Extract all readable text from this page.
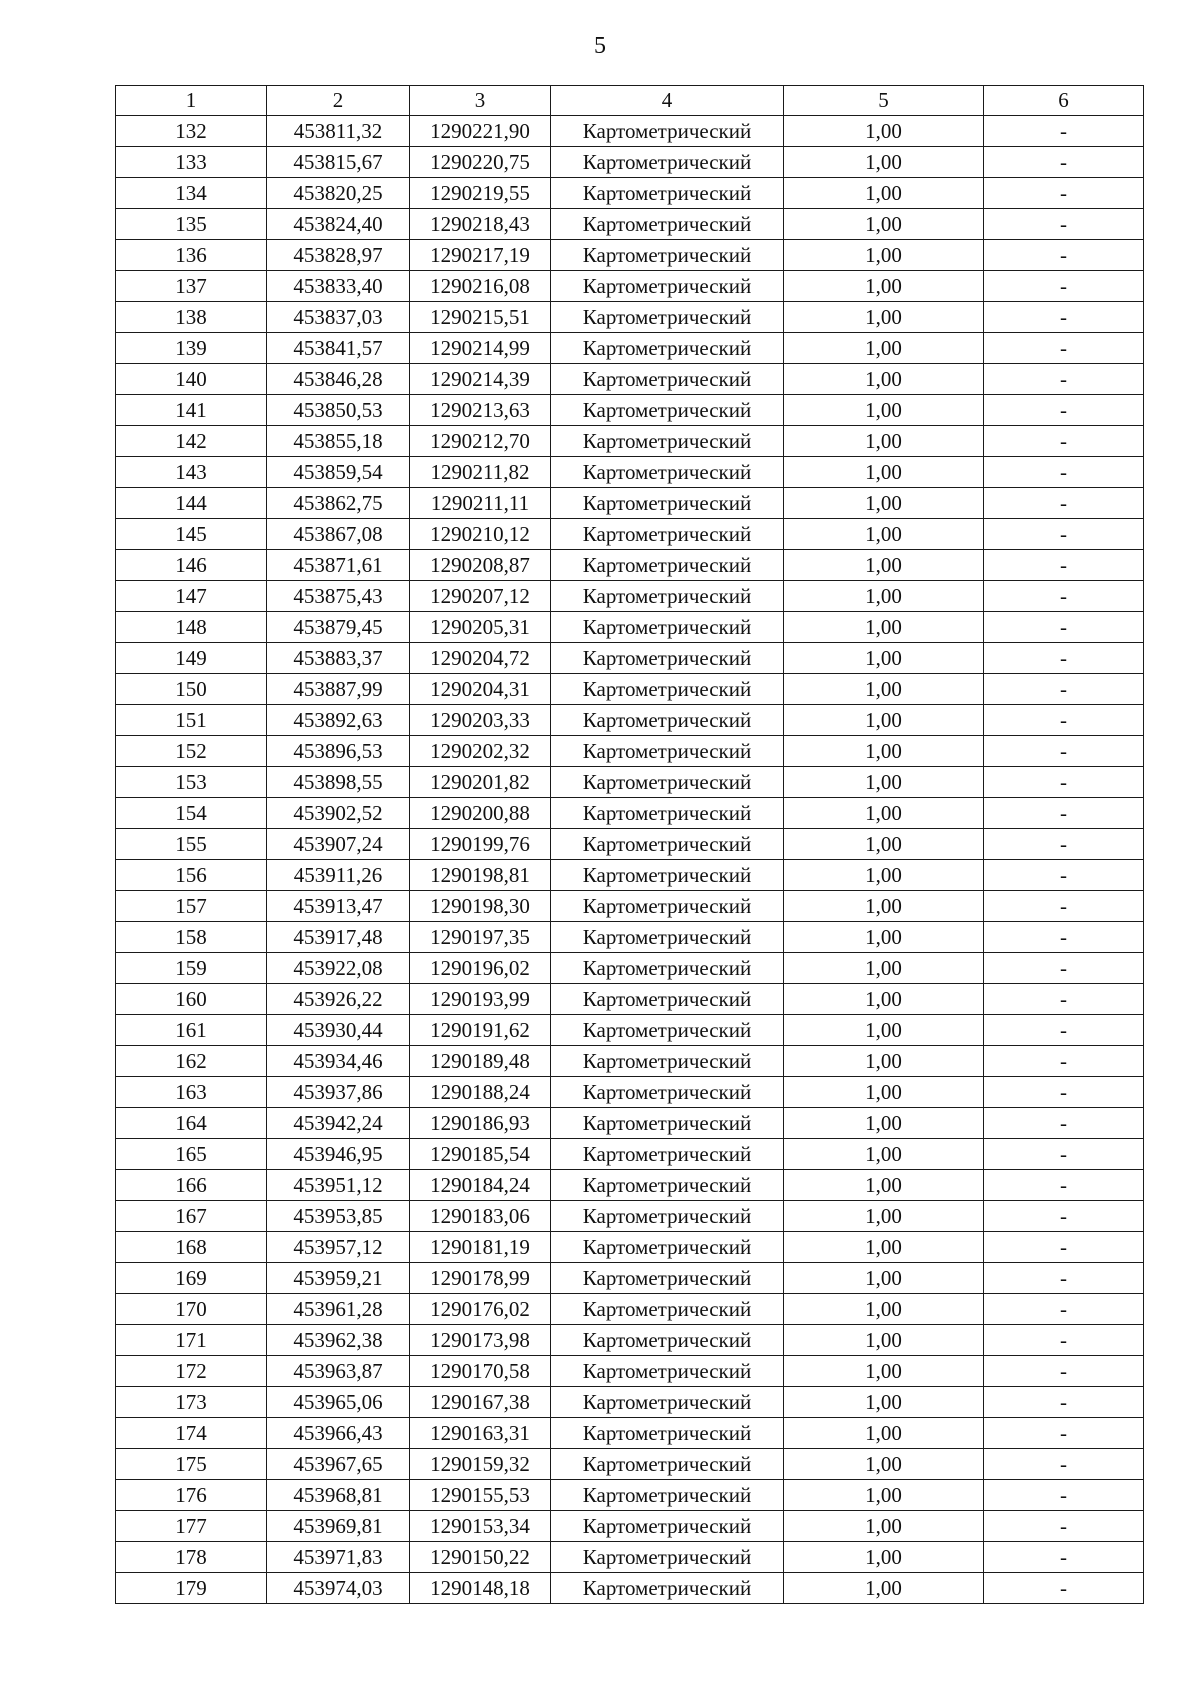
5
1	2	3	4	5	6
132	453811,32	1290221,90	Картометрический	1,00	-
133	453815,67	1290220,75	Картометрический	1,00	-
134	453820,25	1290219,55	Картометрический	1,00	-
135	453824,40	1290218,43	Картометрический	1,00	-
136	453828,97	1290217,19	Картометрический	1,00	-
137	453833,40	1290216,08	Картометрический	1,00	-
138	453837,03	1290215,51	Картометрический	1,00	-
139	453841,57	1290214,99	Картометрический	1,00	-
140	453846,28	1290214,39	Картометрический	1,00	-
141	453850,53	1290213,63	Картометрический	1,00	-
142	453855,18	1290212,70	Картометрический	1,00	-
143	453859,54	1290211,82	Картометрический	1,00	-
144	453862,75	1290211,11	Картометрический	1,00	-
145	453867,08	1290210,12	Картометрический	1,00	-
146	453871,61	1290208,87	Картометрический	1,00	-
147	453875,43	1290207,12	Картометрический	1,00	-
148	453879,45	1290205,31	Картометрический	1,00	-
149	453883,37	1290204,72	Картометрический	1,00	-
150	453887,99	1290204,31	Картометрический	1,00	-
151	453892,63	1290203,33	Картометрический	1,00	-
152	453896,53	1290202,32	Картометрический	1,00	-
153	453898,55	1290201,82	Картометрический	1,00	-
154	453902,52	1290200,88	Картометрический	1,00	-
155	453907,24	1290199,76	Картометрический	1,00	-
156	453911,26	1290198,81	Картометрический	1,00	-
157	453913,47	1290198,30	Картометрический	1,00	-
158	453917,48	1290197,35	Картометрический	1,00	-
159	453922,08	1290196,02	Картометрический	1,00	-
160	453926,22	1290193,99	Картометрический	1,00	-
161	453930,44	1290191,62	Картометрический	1,00	-
162	453934,46	1290189,48	Картометрический	1,00	-
163	453937,86	1290188,24	Картометрический	1,00	-
164	453942,24	1290186,93	Картометрический	1,00	-
165	453946,95	1290185,54	Картометрический	1,00	-
166	453951,12	1290184,24	Картометрический	1,00	-
167	453953,85	1290183,06	Картометрический	1,00	-
168	453957,12	1290181,19	Картометрический	1,00	-
169	453959,21	1290178,99	Картометрический	1,00	-
170	453961,28	1290176,02	Картометрический	1,00	-
171	453962,38	1290173,98	Картометрический	1,00	-
172	453963,87	1290170,58	Картометрический	1,00	-
173	453965,06	1290167,38	Картометрический	1,00	-
174	453966,43	1290163,31	Картометрический	1,00	-
175	453967,65	1290159,32	Картометрический	1,00	-
176	453968,81	1290155,53	Картометрический	1,00	-
177	453969,81	1290153,34	Картометрический	1,00	-
178	453971,83	1290150,22	Картометрический	1,00	-
179	453974,03	1290148,18	Картометрический	1,00	-
